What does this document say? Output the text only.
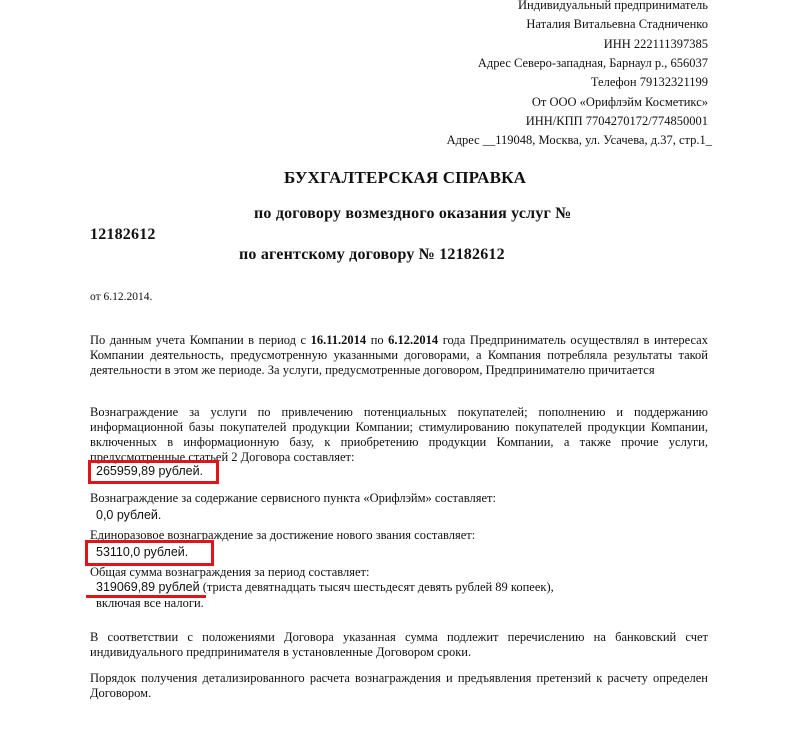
Индивидуальный предприниматель
Наталия Витальевна Стадниченко
ИНН 222111397385
Адрес Северо-западная, Барнаул р., 656037
Телефон 79132321199
От ООО «Орифлэйм Косметикс»
ИНН/КПП 7704270172/774850001
Адрес __119048, Москва, ул. Усачева, д.37, стр.1_
БУХГАЛТЕРСКАЯ СПРАВКА
по договору возмездного оказания услуг №
12182612
по агентскому договору № 12182612
от 6.12.2014.
По данным учета Компании в период с 16.11.2014 по 6.12.2014 года Предприниматель осуществлял в интересах Компании деятельность, предусмотренную указанными договорами, а Компания потребляла результаты такой деятельности в этом же периоде. За услуги, предусмотренные договором, Предпринимателю причитается
Вознаграждение за услуги по привлечению потенциальных покупателей; пополнению и поддержанию информационной базы покупателей продукции Компании; стимулированию покупателей продукции Компании, включенных в информационную базу, к приобретению продукции Компании, а также прочие услуги, предусмотренные статьей 2 Договора составляет:
265959,89 рублей.
Вознаграждение за содержание сервисного пункта «Орифлэйм» составляет:
0,0 рублей.
Единоразовое вознаграждение за достижение нового звания составляет:
53110,0 рублей.
Общая сумма вознаграждения за период составляет:
319069,89 рублей (триста девятнадцать тысяч шестьдесят девять рублей 89 копеек),
включая все налоги.
В соответствии с положениями Договора указанная сумма подлежит перечислению на банковский счет индивидуального предпринимателя в установленные Договором сроки.
Порядок получения детализированного расчета вознаграждения и предъявления претензий к расчету определен Договором.
